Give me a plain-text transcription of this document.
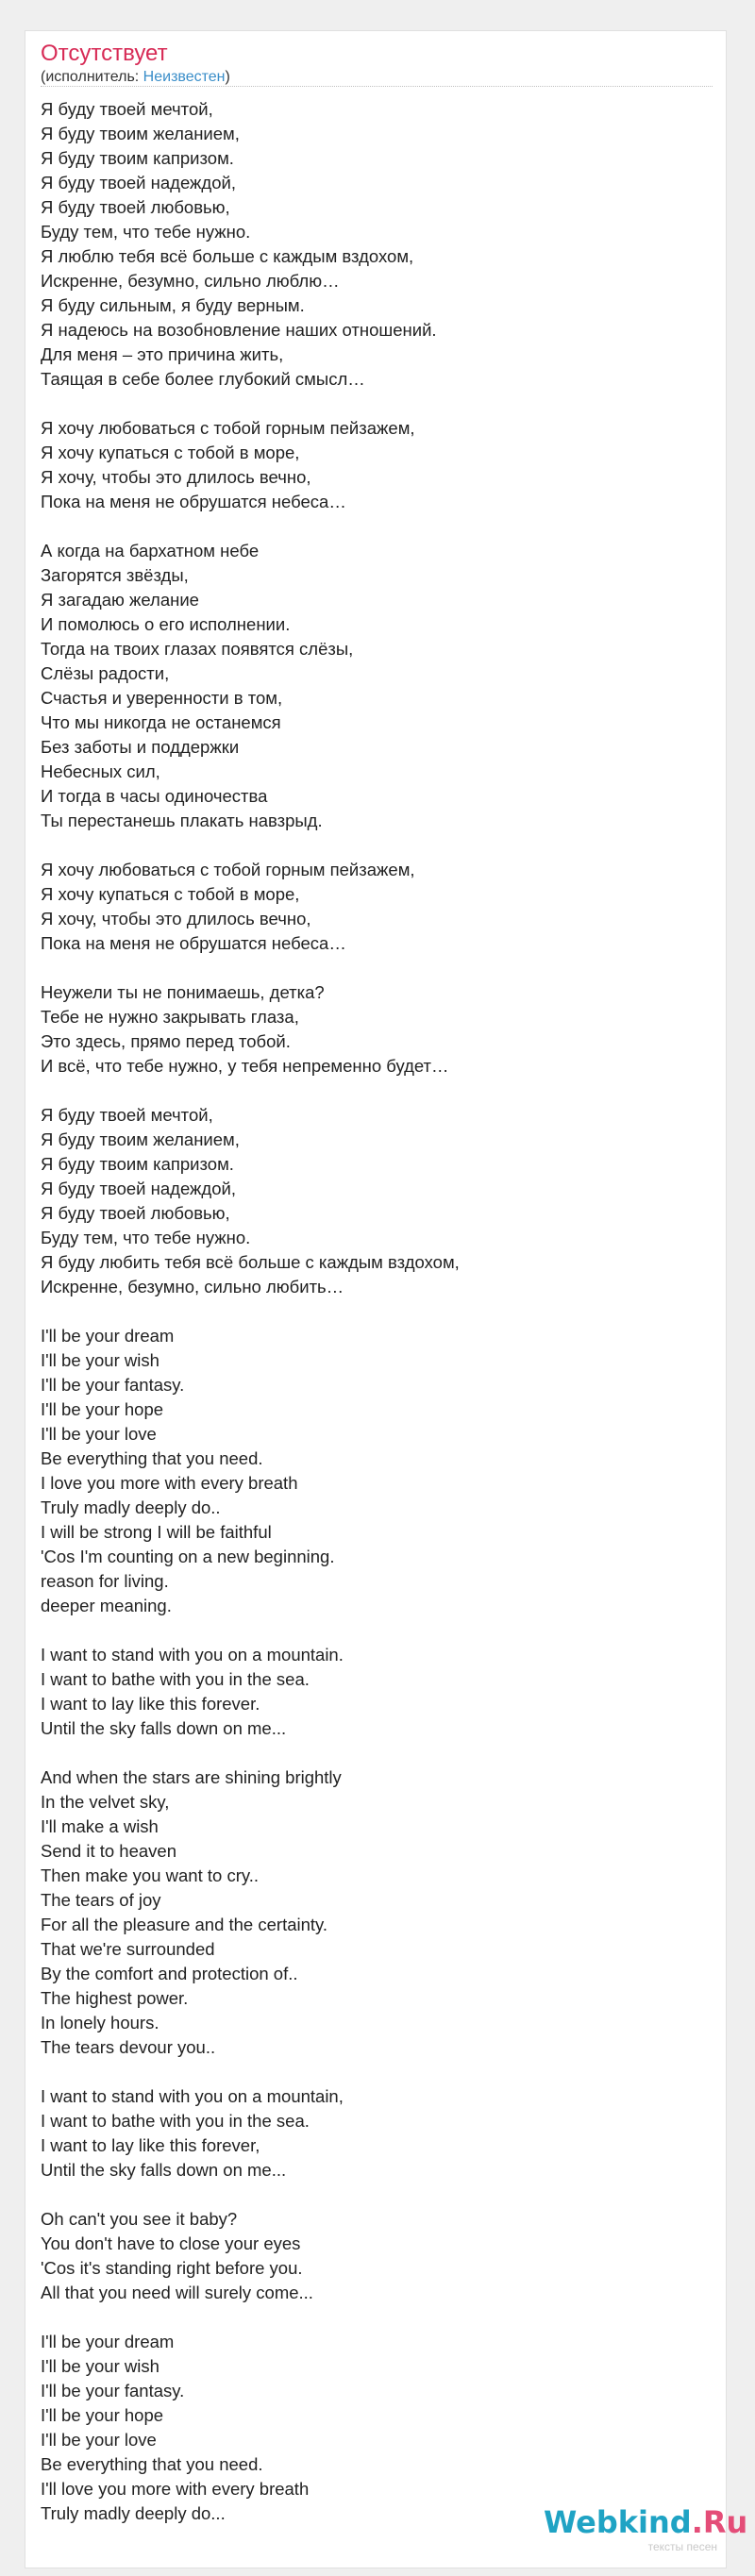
Отсутствует
(исполнитель: Неизвестен)
Я буду твоей мечтой,
Я буду твоим желанием,
Я буду твоим капризом.
Я буду твоей надеждой,
Я буду твоей любовью,
Буду тем, что тебе нужно.
Я люблю тебя всё больше с каждым вздохом,
Искренне, безумно, сильно люблю…
Я буду сильным, я буду верным.
Я надеюсь на возобновление наших отношений.
Для меня – это причина жить,
Таящая в себе более глубокий смысл…
Я хочу любоваться с тобой горным пейзажем,
Я хочу купаться с тобой в море,
Я хочу, чтобы это длилось вечно,
Пока на меня не обрушатся небеса…
А когда на бархатном небе
Загорятся звёзды,
Я загадаю желание
И помолюсь о его исполнении.
Тогда на твоих глазах появятся слёзы,
Слёзы радости,
Счастья и уверенности в том,
Что мы никогда не останемся
Без заботы и поддержки
Небесных сил,
И тогда в часы одиночества
Ты перестанешь плакать навзрыд.
Я хочу любоваться с тобой горным пейзажем,
Я хочу купаться с тобой в море,
Я хочу, чтобы это длилось вечно,
Пока на меня не обрушатся небеса…
Неужели ты не понимаешь, детка?
Тебе не нужно закрывать глаза,
Это здесь, прямо перед тобой.
И всё, что тебе нужно, у тебя непременно будет…
Я буду твоей мечтой,
Я буду твоим желанием,
Я буду твоим капризом.
Я буду твоей надеждой,
Я буду твоей любовью,
Буду тем, что тебе нужно.
Я буду любить тебя всё больше с каждым вздохом,
Искренне, безумно, сильно любить…
I'll be your dream
I'll be your wish
I'll be your fantasy.
I'll be your hope
I'll be your love
Be everything that you need.
I love you more with every breath
Truly madly deeply do..
I will be strong I will be faithful
'Cos I'm counting on a new beginning.
reason for living.
deeper meaning.
I want to stand with you on a mountain.
I want to bathe with you in the sea.
I want to lay like this forever.
Until the sky falls down on me...
And when the stars are shining brightly
In the velvet sky,
I'll make a wish
Send it to heaven
Then make you want to cry..
The tears of joy
For all the pleasure and the certainty.
That we're surrounded
By the comfort and protection of..
The highest power.
In lonely hours.
The tears devour you..
I want to stand with you on a mountain,
I want to bathe with you in the sea.
I want to lay like this forever,
Until the sky falls down on me...
Oh can't you see it baby?
You don't have to close your eyes
'Cos it's standing right before you.
All that you need will surely come...
I'll be your dream
I'll be your wish
I'll be your fantasy.
I'll be your hope
I'll be your love
Be everything that you need.
I'll love you more with every breath
Truly madly deeply do...	Webkind.Ru
тексты песен
